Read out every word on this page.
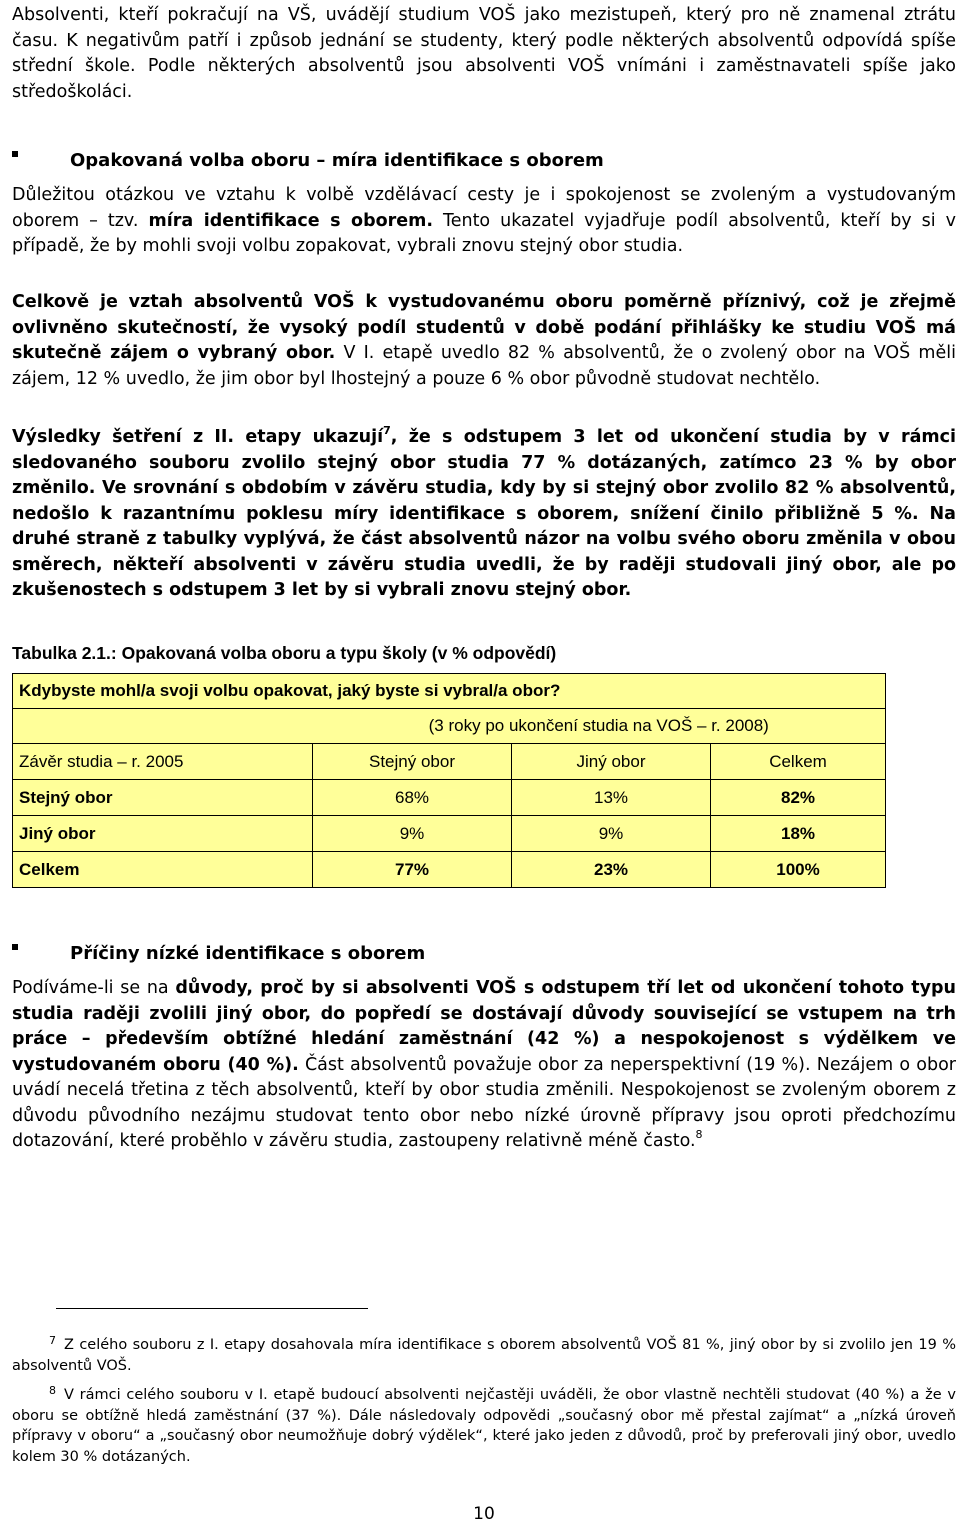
Absolventi, kteří pokračují na VŠ, uvádějí studium VOŠ jako mezistupeň, který pro ně znamenal ztrátu času. K negativům patří i způsob jednání se studenty, který podle některých absolventů odpovídá spíše střední škole. Podle některých absolventů jsou absolventi VOŠ vnímáni i zaměstnavateli spíše jako středoškoláci.

Opakovaná volba oboru – míra identifikace s oborem

Důležitou otázkou ve vztahu k volbě vzdělávací cesty je i spokojenost se zvoleným a vystudovaným oborem – tzv. míra identifikace s oborem. Tento ukazatel vyjadřuje podíl absolventů, kteří by si v případě, že by mohli svoji volbu zopakovat, vybrali znovu stejný obor studia.

Celkově je vztah absolventů VOŠ k vystudovanému oboru poměrně příznivý, což je zřejmě ovlivněno skutečností, že vysoký podíl studentů v době podání přihlášky ke studiu VOŠ má skutečně zájem o vybraný obor. V I. etapě uvedlo 82 % absolventů, že o zvolený obor na VOŠ měli zájem, 12 % uvedlo, že jim obor byl lhostejný a pouze 6 % obor původně studovat nechtělo.

Výsledky šetření z II. etapy ukazují$^7$, že s odstupem 3 let od ukončení studia by v rámci sledovaného souboru zvolilo stejný obor studia 77 % dotázaných, zatímco 23 % by obor změnilo. Ve srovnání s obdobím v závěru studia, kdy by si stejný obor zvolilo 82 % absolventů, nedošlo k razantnímu poklesu míry identifikace s oborem, snížení činilo přibližně 5 %. Na druhé straně z tabulky vyplývá, že část absolventů názor na volbu svého oboru změnila v obou směrech, někteří absolventi v závěru studia uvedli, že by raději studovali jiný obor, ale po zkušenostech s odstupem 3 let by si vybrali znovu stejný obor.

Tabulka 2.1.: Opakovaná volba oboru a typu školy (v % odpovědí)
Kdybyste mohl/a svoji volbu opakovat, jaký byste si vybral/a obor?			
	(3 roky po ukončení studia na VOŠ – r. 2008)		
Závěr studia – r. 2005	Stejný obor	Jiný obor	Celkem
Stejný obor	68%	13%	82%
Jiný obor	9%	9%	18%
Celkem	77%	23%	100%
Příčiny nízké identifikace s oborem

Podíváme-li se na důvody, proč by si absolventi VOŠ s odstupem tří let od ukončení tohoto typu studia raději zvolili jiný obor, do popředí se dostávají důvody související se vstupem na trh práce – především obtížné hledání zaměstnání (42 %) a nespokojenost s výdělkem ve vystudovaném oboru (40 %). Část absolventů považuje obor za neperspektivní (19 %). Nezájem o obor uvádí necelá třetina z těch absolventů, kteří by obor studia změnili. Nespokojenost se zvoleným oborem z důvodu původního nezájmu studovat tento obor nebo nízké úrovně přípravy jsou oproti předchozímu dotazování, které proběhlo v závěru studia, zastoupeny relativně méně často.$^8$

7 Z celého souboru z I. etapy dosahovala míra identifikace s oborem absolventů VOŠ 81 %, jiný obor by si zvolilo jen 19 % absolventů VOŠ.
8 V rámci celého souboru v I. etapě budoucí absolventi nejčastěji uváděli, že obor vlastně nechtěli studovat (40 %) a že v oboru se obtížně hledá zaměstnání (37 %). Dále následovaly odpovědi „současný obor mě přestal zajímat“ a „nízká úroveň přípravy v oboru“ a „současný obor neumožňuje dobrý výdělek“, které jako jeden z důvodů, proč by preferovali jiný obor, uvedlo kolem 30 % dotázaných.
10
